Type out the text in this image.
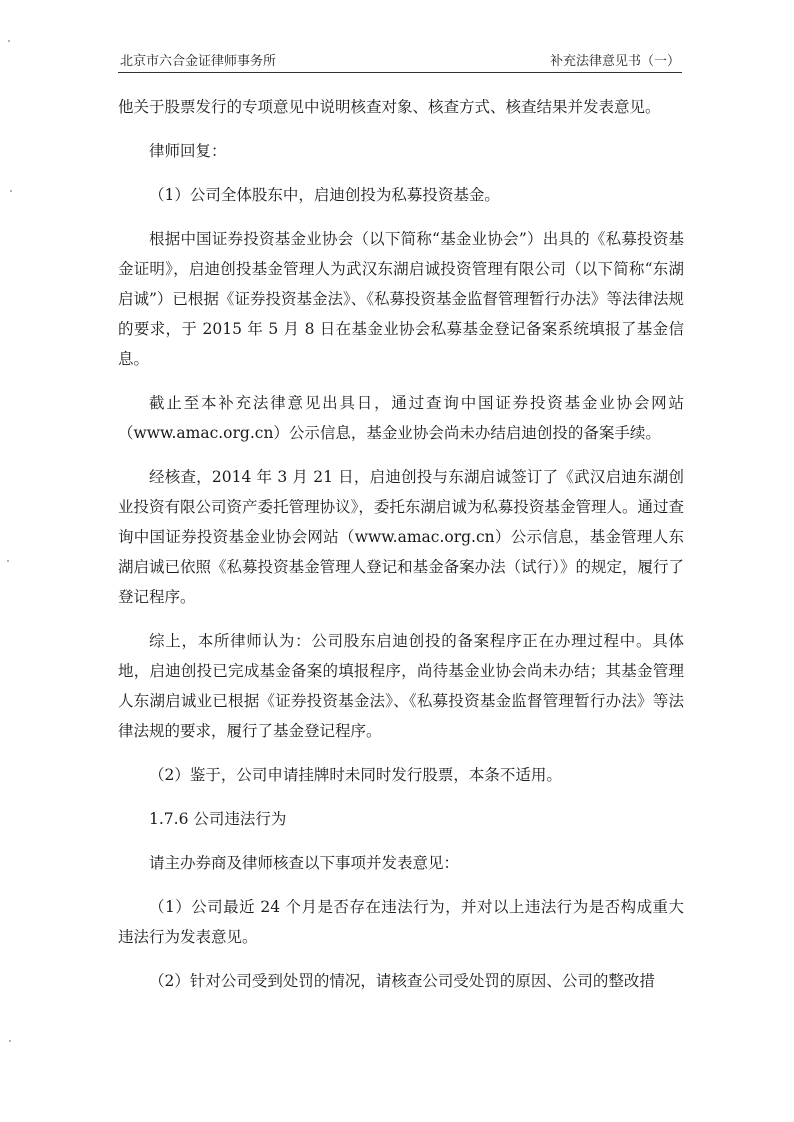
北京市六合金证律师事务所	补充法律意见书（一）

他关于股票发行的专项意见中说明核查对象、核查方式、核查结果并发表意见。

律师回复：

（1）公司全体股东中，启迪创投为私募投资基金。

根据中国证券投资基金业协会（以下简称“基金业协会”）出具的《私募投资基金证明》，启迪创投基金管理人为武汉东湖启诚投资管理有限公司（以下简称“东湖启诚”）已根据《证券投资基金法》、《私募投资基金监督管理暂行办法》等法律法规的要求，于 2015 年 5 月 8 日在基金业协会私募基金登记备案系统填报了基金信息。

截止至本补充法律意见出具日，通过查询中国证券投资基金业协会网站（www.amac.org.cn）公示信息，基金业协会尚未办结启迪创投的备案手续。

经核查，2014 年 3 月 21 日，启迪创投与东湖启诚签订了《武汉启迪东湖创业投资有限公司资产委托管理协议》，委托东湖启诚为私募投资基金管理人。通过查询中国证券投资基金业协会网站（www.amac.org.cn）公示信息，基金管理人东湖启诚已依照《私募投资基金管理人登记和基金备案办法（试行）》的规定，履行了登记程序。

综上，本所律师认为：公司股东启迪创投的备案程序正在办理过程中。具体地，启迪创投已完成基金备案的填报程序，尚待基金业协会尚未办结；其基金管理人东湖启诚业已根据《证券投资基金法》、《私募投资基金监督管理暂行办法》等法律法规的要求，履行了基金登记程序。

（2）鉴于，公司申请挂牌时未同时发行股票，本条不适用。

1.7.6 公司违法行为

请主办券商及律师核查以下事项并发表意见：

（1）公司最近 24 个月是否存在违法行为，并对以上违法行为是否构成重大违法行为发表意见。

（2）针对公司受到处罚的情况，请核查公司受处罚的原因、公司的整改措
